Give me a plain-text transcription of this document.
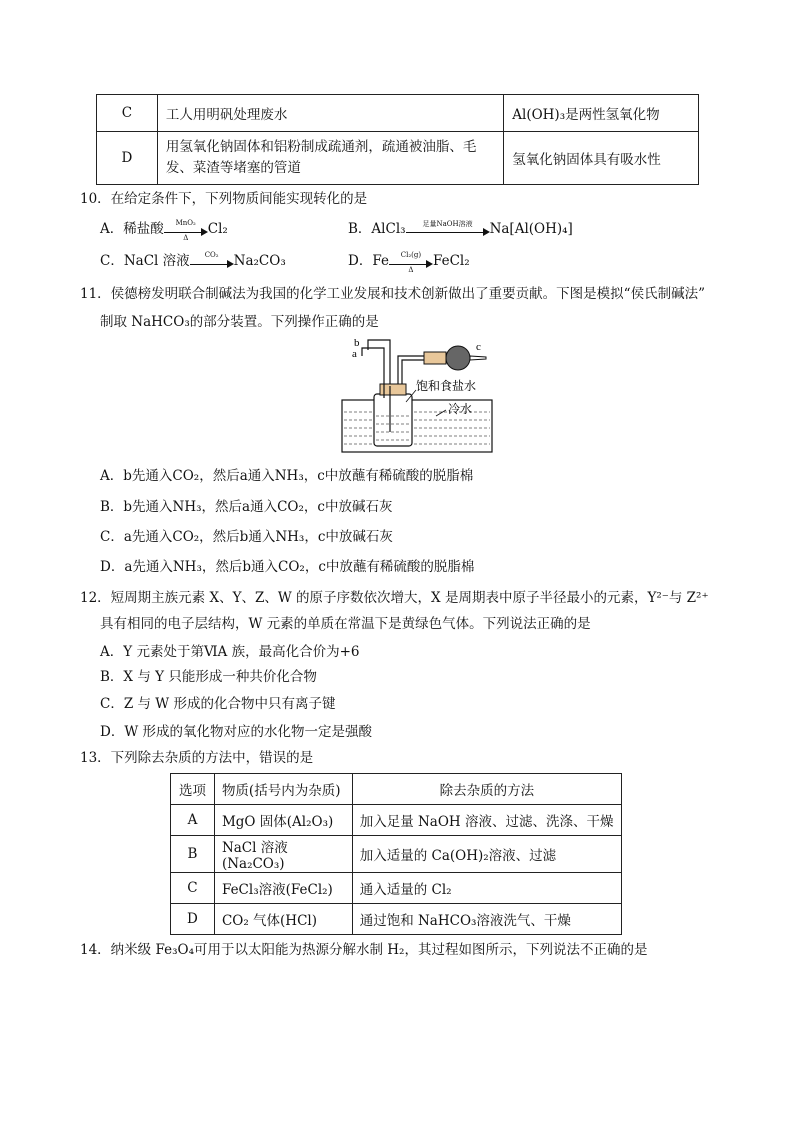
C	工人用明矾处理废水	Al(OH)₃是两性氢氧化物
D	用氢氧化钠固体和铝粉制成疏通剂，疏通被油脂、毛
发、菜渣等堵塞的管道	氢氧化钠固体具有吸水性
10．在给定条件下，下列物质间能实现转化的是
A．稀盐酸	MnO₂
Δ
Cl₂	B．AlCl₃	足量NaOH溶液	Na[Al(OH)₄]
C．NaCl 溶液	CO₂	Na₂CO₃	D．Fe $\frac{\text{Cl₂(g)}}{\Delta}$ FeCl₂
11．侯德榜发明联合制碱法为我国的化学工业发展和技术创新做出了重要贡献。下图是模拟“侯氏制碱法”
制取 NaHCO₃的部分装置。下列操作正确的是
a
b	c
饱和食盐水
冷水
A．b先通入CO₂，然后a通入NH₃，c中放蘸有稀硫酸的脱脂棉
B．b先通入NH₃，然后a通入CO₂，c中放碱石灰
C．a先通入CO₂，然后b通入NH₃，c中放碱石灰
D．a先通入NH₃，然后b通入CO₂，c中放蘸有稀硫酸的脱脂棉
12．短周期主族元素 X、Y、Z、W 的原子序数依次增大，X 是周期表中原子半径最小的元素，Y²⁻与 Z²⁺
具有相同的电子层结构，W 元素的单质在常温下是黄绿色气体。下列说法正确的是
A．Y 元素处于第ⅥA 族，最高化合价为+6
B．X 与 Y 只能形成一种共价化合物
C．Z 与 W 形成的化合物中只有离子键
D．W 形成的氧化物对应的水化物一定是强酸
13．下列除去杂质的方法中，错误的是
选项	物质(括号内为杂质)	除去杂质的方法
A	MgO 固体(Al₂O₃)	加入足量 NaOH 溶液、过滤、洗涤、干燥
B	NaCl 溶液(Na₂CO₃)	加入适量的 Ca(OH)₂溶液、过滤
C	FeCl₃溶液(FeCl₂)	通入适量的 Cl₂
D	CO₂ 气体(HCl)	通过饱和 NaHCO₃溶液洗气、干燥
14．纳米级 Fe₃O₄可用于以太阳能为热源分解水制 H₂，其过程如图所示，下列说法不正确的是
